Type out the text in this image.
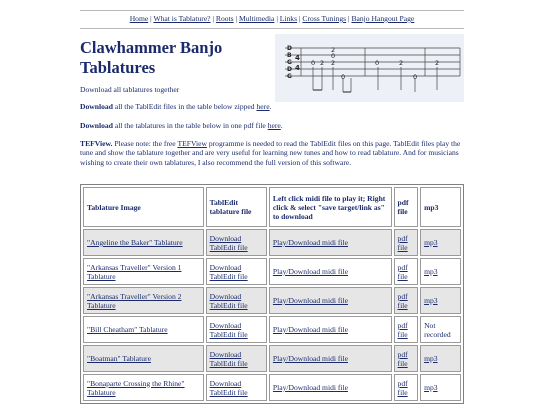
Home | What is Tablature? | Roots | Multimedia | Links | Cross Tunings | Banjo Hangout Page
Clawhammer Banjo
Tablatures
D
B
G
D
G
4
4
0 2
2
0
2
0
0	2
0
2

Download all tablatures together

Download all the TablEdit files in the table below zipped here.

Download all the tablatures in the table below in one pdf file here.

TEFView. Please note: the free TEFView programme is needed to read the TablEdit files on this page. TablEdit files play the tune and show the tablature together and are very useful for learning new tunes and how to read tablature. And for musicians wishing to create their own tablatures, I also recommend the full version of this software.

Tablature Image	TablEdit tablature file	Left click midi file to play it; Right click & select "save target/link as" to download	pdf file	mp3
"Angeline the Baker" Tablature	Download TablEdit file	Play/Download midi file	pdf file	mp3
"Arkansas Traveller" Version 1 Tablature	Download TablEdit file	Play/Download midi file	pdf file	mp3
"Arkansas Traveller" Version 2 Tablature	Download TablEdit file	Play/Download midi file	pdf file	mp3
"Bill Cheatham" Tablature	Download TablEdit file	Play/Download midi file	pdf file	Not recorded
"Boatman" Tablature	Download TablEdit file	Play/Download midi file	pdf file	mp3
"Bonaparte Crossing the Rhine" Tablature	Download TablEdit file	Play/Download midi file	pdf file	mp3
